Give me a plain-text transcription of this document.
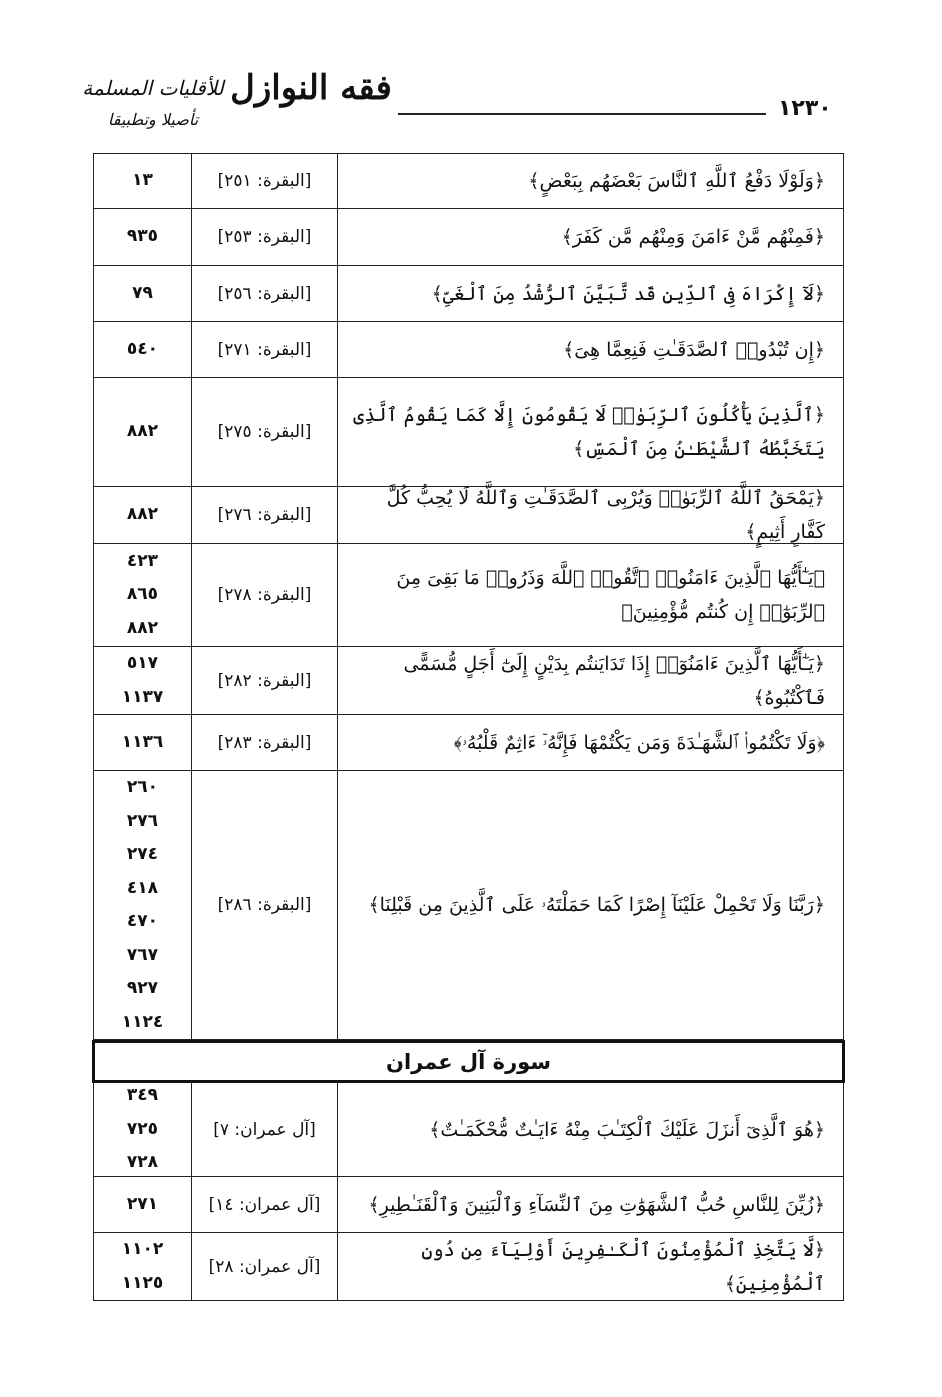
للأقليات المسلمة
تأصيلا وتطبيقا
فقه النوازل
١٢٣٠
﴿وَلَوْلَا دَفْعُ ٱللَّهِ ٱلنَّاسَ بَعْضَهُم بِبَعْضٍ﴾
[البقرة: ٢٥١]
١٣
﴿فَمِنْهُم مَّنْ ءَامَنَ وَمِنْهُم مَّن كَفَرَ﴾
[البقرة: ٢٥٣]
٩٣٥
﴿لَآ إِكْرَاهَ فِى ٱلدِّينِ قَد تَّبَيَّنَ ٱلرُّشْدُ مِنَ ٱلْغَىِّ﴾
[البقرة: ٢٥٦]
٧٩
﴿إِن تُبْدُوا۟ ٱلصَّدَقَـٰتِ فَنِعِمَّا هِىَ﴾
[البقرة: ٢٧١]
٥٤٠
﴿ٱلَّذِينَ يَأْكُلُونَ ٱلرِّبَوٰا۟ لَا يَقُومُونَ إِلَّا كَمَا يَقُومُ ٱلَّذِى يَتَخَبَّطُهُ ٱلشَّيْطَـٰنُ مِنَ ٱلْمَسِّ﴾
[البقرة: ٢٧٥]
٨٨٢
﴿يَمْحَقُ ٱللَّهُ ٱلرِّبَوٰا۟ وَيُرْبِى ٱلصَّدَقَـٰتِ وَٱللَّهُ لَا يُحِبُّ كُلَّ كَفَّارٍ أَثِيمٍ﴾
[البقرة: ٢٧٦]
٨٨٢
﴿يَـٰٓأَيُّهَا ٱلَّذِينَ ءَامَنُوا۟ ٱتَّقُوا۟ ٱللَّهَ وَذَرُوا۟ مَا بَقِىَ مِنَ ٱلرِّبَوٰٓا۟ إِن كُنتُم مُّؤْمِنِينَ﴾
[البقرة: ٢٧٨]
٤٢٣
٨٦٥
٨٨٢
﴿يَـٰٓأَيُّهَا ٱلَّذِينَ ءَامَنُوٓا۟ إِذَا تَدَايَنتُم بِدَيْنٍ إِلَىٰٓ أَجَلٍ مُّسَمًّى فَٱكْتُبُوهُ﴾
[البقرة: ٢٨٢]
٥١٧
١١٣٧
﴿وَلَا تَكْتُمُوا۟ ٱلشَّهَـٰدَةَ وَمَن يَكْتُمْهَا فَإِنَّهُۥٓ ءَاثِمٌ قَلْبُهُۥ﴾
[البقرة: ٢٨٣]
١١٣٦
﴿رَبَّنَا وَلَا تَحْمِلْ عَلَيْنَآ إِصْرًا كَمَا حَمَلْتَهُۥ عَلَى ٱلَّذِينَ مِن قَبْلِنَا﴾
[البقرة: ٢٨٦]
٢٦٠
٢٧٦
٢٧٤
٤١٨
٤٧٠
٧٦٧
٩٢٧
١١٢٤
سورة آل عمران
﴿هُوَ ٱلَّذِىٓ أَنزَلَ عَلَيْكَ ٱلْكِتَـٰبَ مِنْهُ ءَايَـٰتٌ مُّحْكَمَـٰتٌ﴾
[آل عمران: ٧]
٣٤٩
٧٢٥
٧٢٨
﴿زُيِّنَ لِلنَّاسِ حُبُّ ٱلشَّهَوَٰتِ مِنَ ٱلنِّسَآءِ وَٱلْبَنِينَ وَٱلْقَنَـٰطِيرِ﴾
[آل عمران: ١٤]
٢٧١
﴿لَّا يَتَّخِذِ ٱلْمُؤْمِنُونَ ٱلْكَـٰفِرِينَ أَوْلِيَآءَ مِن دُونِ ٱلْمُؤْمِنِينَ﴾
[آل عمران: ٢٨]
١١٠٢
١١٢٥
